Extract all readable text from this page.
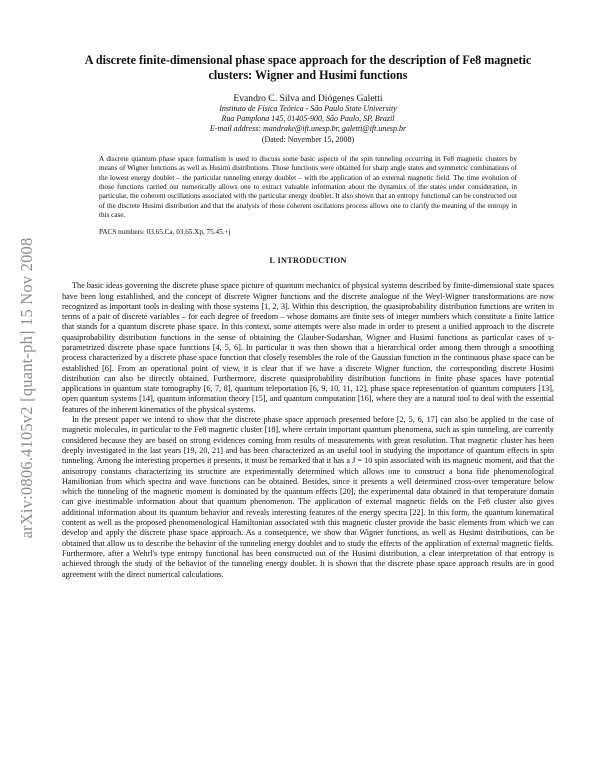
arXiv:0806.4105v2 [quant-ph] 15 Nov 2008
A discrete finite-dimensional phase space approach for the description of Fe8 magnetic clusters: Wigner and Husimi functions
Evandro C. Silva and Diógenes Galetti
Instituto de Física Teórica - São Paulo State University
Rua Pamplona 145, 01405-900, São Paulo, SP, Brazil
E-mail address: mandrake@ift.unesp.br, galetti@ift.unesp.br
(Dated: November 15, 2008)
A discrete quantum phase space formalism is used to discuss some basic aspects of the spin tunneling occurring in Fe8 magnetic clusters by means of Wigner functions as well as Husimi distributions. Those functions were obtained for sharp angle states and symmetric combinations of the lowest energy doublet – the particular tunneling energy doublet – with the application of an external magnetic field. The time evolution of those functions carried out numerically allows one to extract valuable information about the dynamics of the states under consideration, in particular, the coherent oscillations associated with the particular energy doublet. It also shown that an entropy functional can be constructed out of the discrete Husimi distribution and that the analysis of those coherent oscilations process allows one to clarify the meaning of the entropy in this case.
PACS numbers: 03.65.Ca, 03.65.Xp, 75.45.+j
I. INTRODUCTION

The basic ideas governing the discrete phase space picture of quantum mechanics of physical systems described by finite-dimensional state spaces have been long established, and the concept of discrete Wigner functions and the discrete analogue of the Weyl-Wigner transformations are now recognized as important tools in dealing with those systems [1, 2, 3]. Within this description, the quasiprobability distribution functions are writen in terms of a pair of discrete variables – for each degree of freedom – whose domains are finite sets of integer numbers which constitute a finite lattice that stands for a quantum discrete phase space. In this context, some attempts were also made in order to present a unified approach to the discrete quasiprobability distribution functions in the sense of obtaining the Glauber-Sudarshan, Wigner and Husimi functions as particular cases of s-parametrized discrete phase space functions [4, 5, 6]. In particular it was then shown that a hierarchical order among them through a smoothing process characterized by a discrete phase space function that closely resembles the role of the Gaussian function in the continuous phase space can be established [6]. From an operational point of view, it is clear that if we have a discrete Wigner function, the corresponding discrete Husimi distribution can also be directly obtained. Furthermore, discrete quasiprobability distribution functions in finite phase spaces have potential applications in quantum state tomography [6, 7, 8], quantum teleportation [6, 9, 10, 11, 12], phase space representation of quantum computers [13], open quantum systems [14], quantum information theory [15], and quantum computation [16], where they are a natural tool to deal with the essential features of the inherent kinematics of the physical systems.

In the present paper we intend to show that the discrete phase space approach presented before [2, 5, 6, 17] can also be applied to the case of magnetic molecules, in particular to the Fe8 magnetic cluster [18], where certain important quantum phenomena, such as spin tunneling, are currently considered because they are based on strong evidences coming from results of measurements with great resolution. That magnetic cluster has been deeply investigated in the last years [19, 20, 21] and has been characterized as an useful tool in studying the importance of quantum effects in spin tunneling. Among the interesting properties it presents, it must be remarked that it has a J = 10 spin associated with its magnetic moment, and that the anisotropy constants characterizing its structure are experimentally determined which allows one to construct a bona fide phenomenological Hamiltonian from which spectra and wave functions can be obtained. Besides, since it presents a well determined cross-over temperature below which the tunneling of the magnetic moment is dominated by the quantum effects [20], the experimental data obtained in that temperature domain can give inestimable information about that quantum phenomenon. The application of external magnetic fields on the Fe8 cluster also gives additional information about its quantum behavior and reveals interesting features of the energy spectra [22]. In this form, the quantum kinematical content as well as the proposed phenomenological Hamiltonian associated with this magnetic cluster provide the basic elements from which we can develop and apply the discrete phase space approach. As a consequence, we show that Wigner functions, as well as Husimi distributions, can be obtained that allow us to describe the behavior of the tunneling energy doublet and to study the effects of the application of external magnetic fields. Furthermore, after a Wehrl's type entropy functional has been constructed out of the Husimi distribution, a clear interpretation of that entropy is achieved through the study of the behavior of the tunneling energy doublet. It is shown that the discrete phase space approach results are in good agreement with the direct numerical calculations.
